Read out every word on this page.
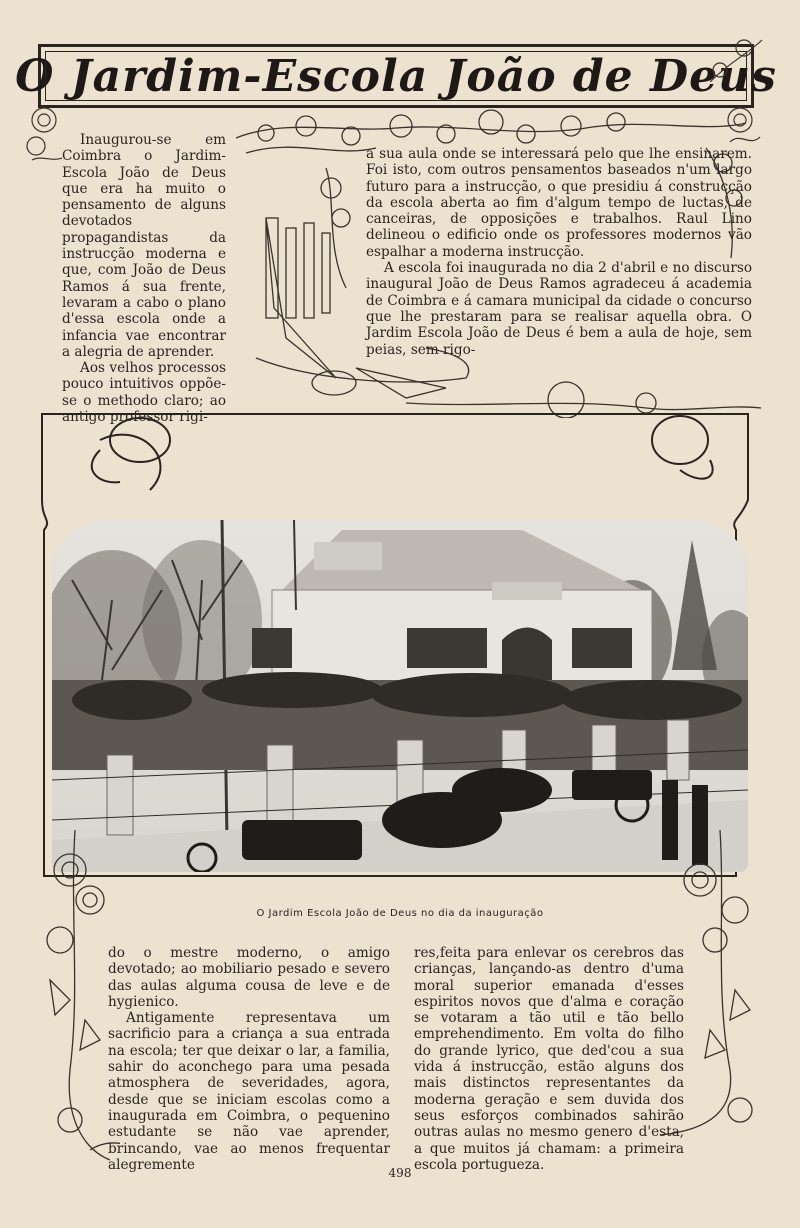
O Jardim-Escola João de Deus

Inaugurou-se em Coimbra o Jardim-Escola João de Deus que era ha muito o pensamento de alguns devotados propagandistas da instrucção moderna e que, com João de Deus Ramos á sua frente, levaram a cabo o plano d'essa escola onde a infancia vae encontrar a alegria de aprender.

Aos velhos processos pouco intuitivos oppõe-se o methodo claro; ao antigo professor rigi-

a sua aula onde se interessará pelo que lhe ensinarem. Foi isto, com outros pensamentos baseados n'um largo futuro para a instrucção, o que presidiu á construcção da escola aberta ao fim d'algum tempo de luctas, de canceiras, de opposições e trabalhos. Raul Lino delineou o edificio onde os professores modernos vão espalhar a moderna instrucção.

A escola foi inaugurada no dia 2 d'abril e no discurso inaugural João de Deus Ramos agradeceu á academia de Coimbra e á camara municipal da cidade o concurso que lhe prestaram para se realisar aquella obra. O Jardim Escola João de Deus é bem a aula de hoje, sem peias, sem rigo-

O Jardim Escola João de Deus no dia da inauguração

do o mestre moderno, o amigo devotado; ao mobiliario pesado e severo das aulas alguma cousa de leve e de hygienico.

Antigamente representava um sacrificio para a criança a sua entrada na escola; ter que deixar o lar, a familia, sahir do aconchego para uma pesada atmosphera de severidades, agora, desde que se iniciam escolas como a inaugurada em Coimbra, o pequenino estudante se não vae aprender, brincando, vae ao menos frequentar alegremente

res,feita para enlevar os cerebros das crianças, lançando-as dentro d'uma moral superior emanada d'esses espiritos novos que d'alma e coração se votaram a tão util e tão bello emprehendimento. Em volta do filho do grande lyrico, que ded'cou a sua vida á instrucção, estão alguns dos mais distinctos representantes da moderna geração e sem duvida dos seus esforços combinados sahirão outras aulas no mesmo genero d'esta, a que muitos já chamam: a primeira escola portugueza.

498
